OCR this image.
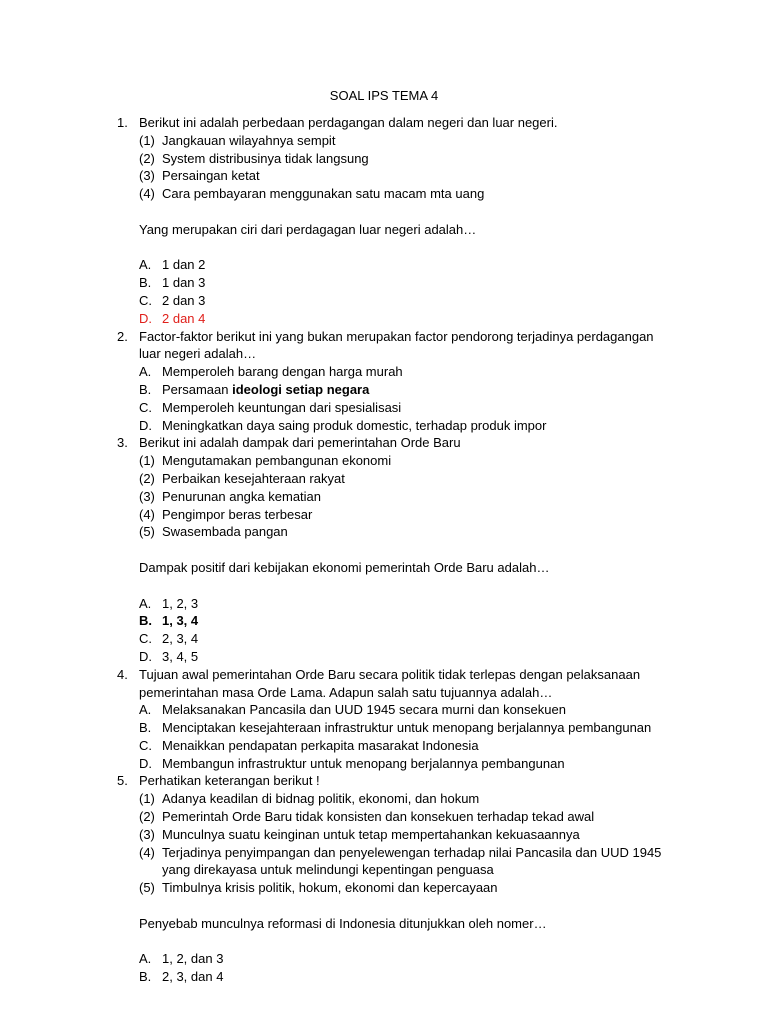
SOAL IPS TEMA 4
1. Berikut ini adalah perbedaan perdagangan dalam negeri dan luar negeri.
(1) Jangkauan wilayahnya sempit
(2) System distribusinya tidak langsung
(3) Persaingan ketat
(4) Cara pembayaran menggunakan satu macam mta uang
Yang merupakan ciri dari perdagagan luar negeri adalah…
A. 1 dan 2
B. 1 dan 3
C. 2 dan 3
D. 2 dan 4
2. Factor-faktor berikut ini yang bukan merupakan factor pendorong terjadinya perdagangan luar negeri adalah…
A. Memperoleh barang dengan harga murah
B. Persamaan ideologi setiap negara
C. Memperoleh keuntungan dari spesialisasi
D. Meningkatkan daya saing produk domestic, terhadap produk impor
3. Berikut ini adalah dampak dari pemerintahan Orde Baru
(1) Mengutamakan pembangunan ekonomi
(2) Perbaikan kesejahteraan rakyat
(3) Penurunan angka kematian
(4) Pengimpor beras terbesar
(5) Swasembada pangan
Dampak positif dari kebijakan ekonomi pemerintah Orde Baru adalah…
A. 1, 2, 3
B. 1, 3, 4
C. 2, 3, 4
D. 3, 4, 5
4. Tujuan awal pemerintahan Orde Baru secara politik tidak terlepas dengan pelaksanaan pemerintahan masa Orde Lama. Adapun salah satu tujuannya adalah…
A. Melaksanakan Pancasila dan UUD 1945 secara murni dan konsekuen
B. Menciptakan kesejahteraan infrastruktur untuk menopang berjalannya pembangunan
C. Menaikkan pendapatan perkapita masarakat Indonesia
D. Membangun infrastruktur untuk menopang berjalannya pembangunan
5. Perhatikan keterangan berikut !
(1) Adanya keadilan di bidnag politik, ekonomi, dan hokum
(2) Pemerintah Orde Baru tidak konsisten dan konsekuen terhadap tekad awal
(3) Munculnya suatu keinginan untuk tetap mempertahankan kekuasaannya
(4) Terjadinya penyimpangan dan penyelewengan terhadap nilai Pancasila dan UUD 1945 yang direkayasa untuk melindungi kepentingan penguasa
(5) Timbulnya krisis politik, hokum, ekonomi dan kepercayaan
Penyebab munculnya reformasi di Indonesia ditunjukkan oleh nomer…
A. 1, 2, dan 3
B. 2, 3, dan 4
